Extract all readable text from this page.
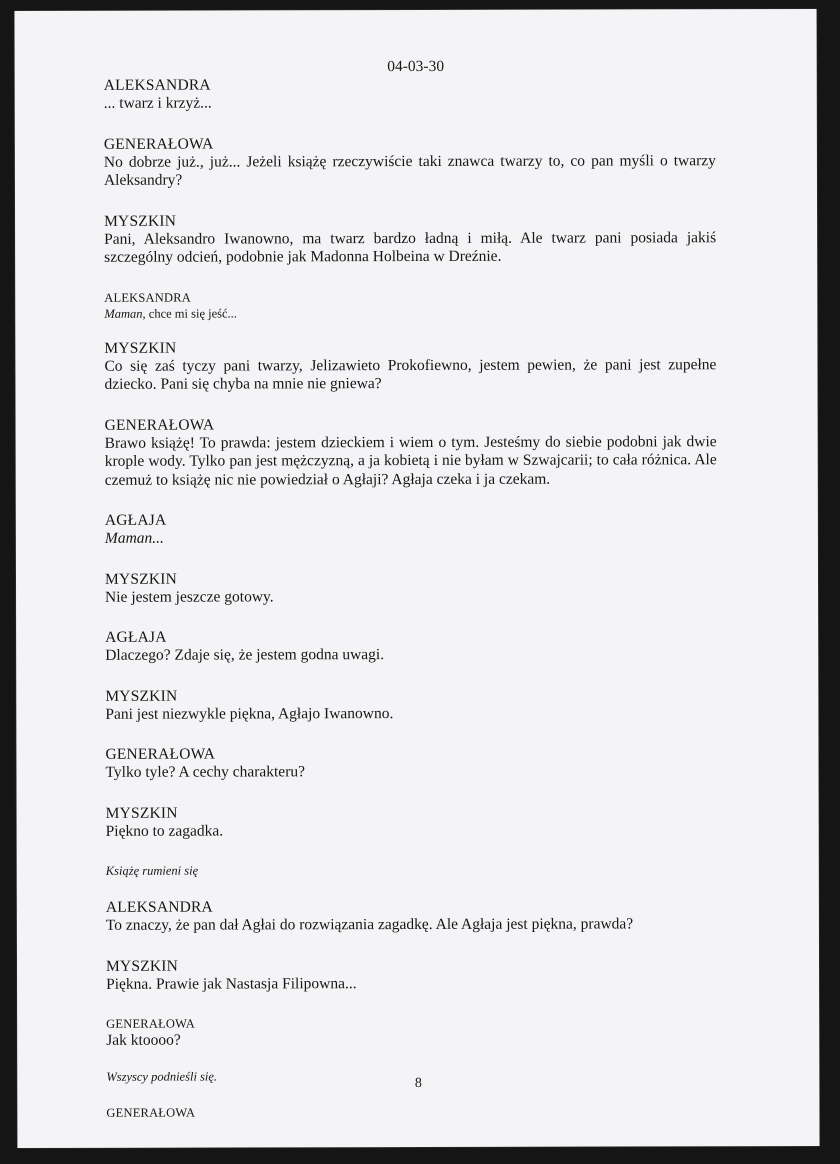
04-03-30
ALEKSANDRA
... twarz i krzyż...
GENERAŁOWA
No dobrze już., już... Jeżeli książę rzeczywiście taki znawca twarzy to, co pan myśli o twarzy Aleksandry?
MYSZKIN
Pani, Aleksandro Iwanowno, ma twarz bardzo ładną i miłą. Ale twarz pani posiada jakiś szczególny odcień, podobnie jak Madonna Holbeina w Dreźnie.
ALEKSANDRA
Maman, chce mi się jeść...
MYSZKIN
Co się zaś tyczy pani twarzy, Jelizawieto Prokofiewno, jestem pewien, że pani jest zupełne dziecko. Pani się chyba na mnie nie gniewa?
GENERAŁOWA
Brawo książę! To prawda: jestem dzieckiem i wiem o tym. Jesteśmy do siebie podobni jak dwie krople wody. Tylko pan jest mężczyzną, a ja kobietą i nie byłam w Szwajcarii; to cała różnica. Ale czemuż to książę nic nie powiedział o Agłaji? Agłaja czeka i ja czekam.
AGŁAJA
Maman...
MYSZKIN
Nie jestem jeszcze gotowy.
AGŁAJA
Dlaczego? Zdaje się, że jestem godna uwagi.
MYSZKIN
Pani jest niezwykle piękna, Agłajo Iwanowno.
GENERAŁOWA
Tylko tyle? A cechy charakteru?
MYSZKIN
Piękno to zagadka.
Książę rumieni się
ALEKSANDRA
To znaczy, że pan dał Agłai do rozwiązania zagadkę. Ale Agłaja jest piękna, prawda?
MYSZKIN
Piękna. Prawie jak Nastasja Filipowna...
GENERAŁOWA
Jak ktoooo?
Wszyscy podnieśli się.
GENERAŁOWA
8
